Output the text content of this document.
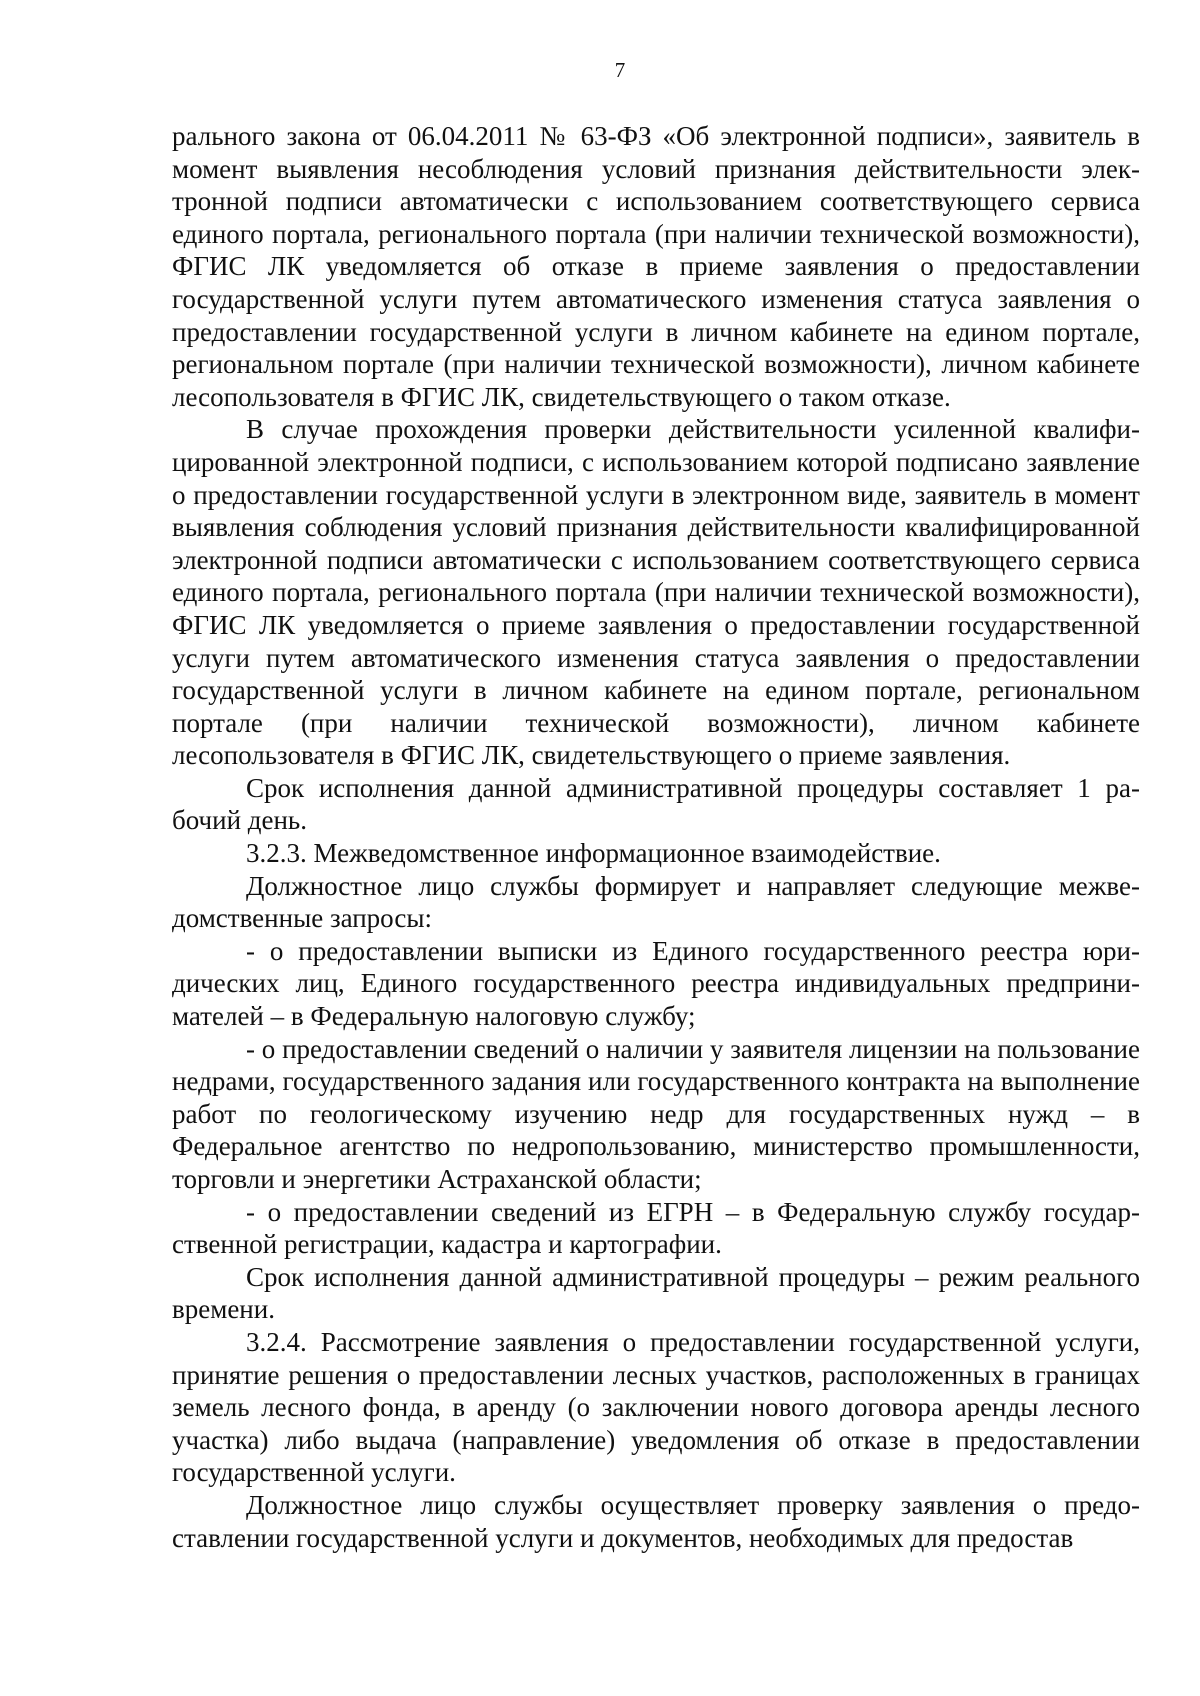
7

рального закона от 06.04.2011 № 63-ФЗ «Об электронной подписи», заявитель в момент выявления несоблюдения условий признания действительности электронной подписи автоматически с использованием соответствующего сервиса единого портала, регионального портала (при наличии технической возможности), ФГИС ЛК уведомляется об отказе в приеме заявления о предоставлении государственной услуги путем автоматического изменения статуса заявления о предоставлении государственной услуги в личном кабинете на едином портале, региональном портале (при наличии технической возможности), личном кабинете лесопользователя в ФГИС ЛК, свидетельствующего о таком отказе.

В случае прохождения проверки действительности усиленной квалифицированной электронной подписи, с использованием которой подписано заявление о предоставлении государственной услуги в электронном виде, заявитель в момент выявления соблюдения условий признания действительности квалифицированной электронной подписи автоматически с использованием соответствующего сервиса единого портала, регионального портала (при наличии технической возможности), ФГИС ЛК уведомляется о приеме заявления о предоставлении государственной услуги путем автоматического изменения статуса заявления о предоставлении государственной услуги в личном кабинете на едином портале, региональном портале (при наличии технической возможности), личном кабинете лесопользователя в ФГИС ЛК, свидетельствующего о приеме заявления.

Срок исполнения данной административной процедуры составляет 1 рабочий день.

3.2.3. Межведомственное информационное взаимодействие.

Должностное лицо службы формирует и направляет следующие межведомственные запросы:

- о предоставлении выписки из Единого государственного реестра юридических лиц, Единого государственного реестра индивидуальных предпринимателей – в Федеральную налоговую службу;

- о предоставлении сведений о наличии у заявителя лицензии на пользование недрами, государственного задания или государственного контракта на выполнение работ по геологическому изучению недр для государственных нужд – в Федеральное агентство по недропользованию, министерство промышленности, торговли и энергетики Астраханской области;

- о предоставлении сведений из ЕГРН – в Федеральную службу государственной регистрации, кадастра и картографии.

Срок исполнения данной административной процедуры – режим реального времени.

3.2.4. Рассмотрение заявления о предоставлении государственной услуги, принятие решения о предоставлении лесных участков, расположенных в границах земель лесного фонда, в аренду (о заключении нового договора аренды лесного участка) либо выдача (направление) уведомления об отказе в предоставлении государственной услуги.

Должностное лицо службы осуществляет проверку заявления о предоставлении государственной услуги и документов, необходимых для предостав
